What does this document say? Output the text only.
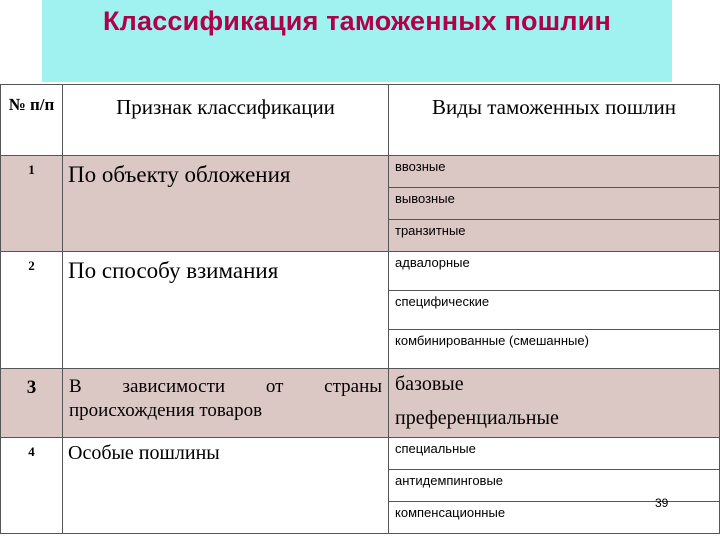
Классификация таможенных пошлин
№ п/п	Признак классификации	Виды таможенных пошлин
1	По объекту обложения	ввозные
		вывозные
		транзитные
2	По способу взимания	адвалорные
		специфические
		комбинированные (смешанные)
3	В зависимости от страны происхождения товаров	базовые
		преференциальные
4	Особые пошлины	специальные
		антидемпинговые
		компенсационные
39
